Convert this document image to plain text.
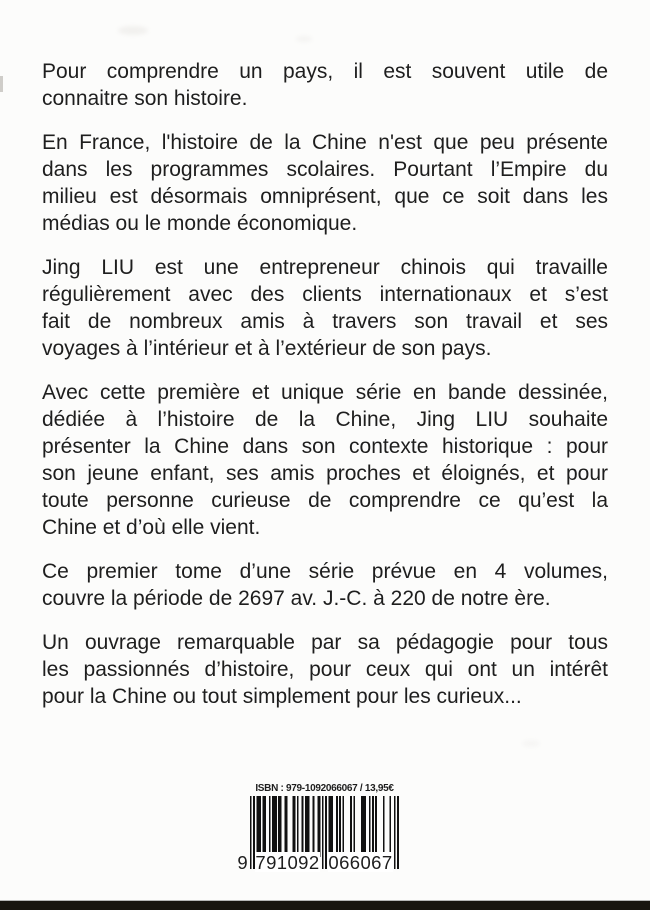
Pour comprendre un pays, il est souvent utile de
connaitre son histoire.

En France, l'histoire de la Chine n'est que peu présente
dans les programmes scolaires. Pourtant l’Empire du
milieu est désormais omniprésent, que ce soit dans les
médias ou le monde économique.

Jing LIU est une entrepreneur chinois qui travaille
régulièrement avec des clients internationaux et s’est
fait de nombreux amis à travers son travail et ses
voyages à l’intérieur et à l’extérieur de son pays.

Avec cette première et unique série en bande dessinée,
dédiée à l’histoire de la Chine, Jing LIU souhaite
présenter la Chine dans son contexte historique : pour
son jeune enfant, ses amis proches et éloignés, et pour
toute personne curieuse de comprendre ce qu’est la
Chine et d’où elle vient.

Ce premier tome d’une série prévue en 4 volumes,
couvre la période de 2697 av. J.-C. à 220 de notre ère.

Un ouvrage remarquable par sa pédagogie pour tous
les passionnés d’histoire, pour ceux qui ont un intérêt
pour la Chine ou tout simplement pour les curieux...

ISBN : 979-1092066067 / 13,95€
9 791092 066067
